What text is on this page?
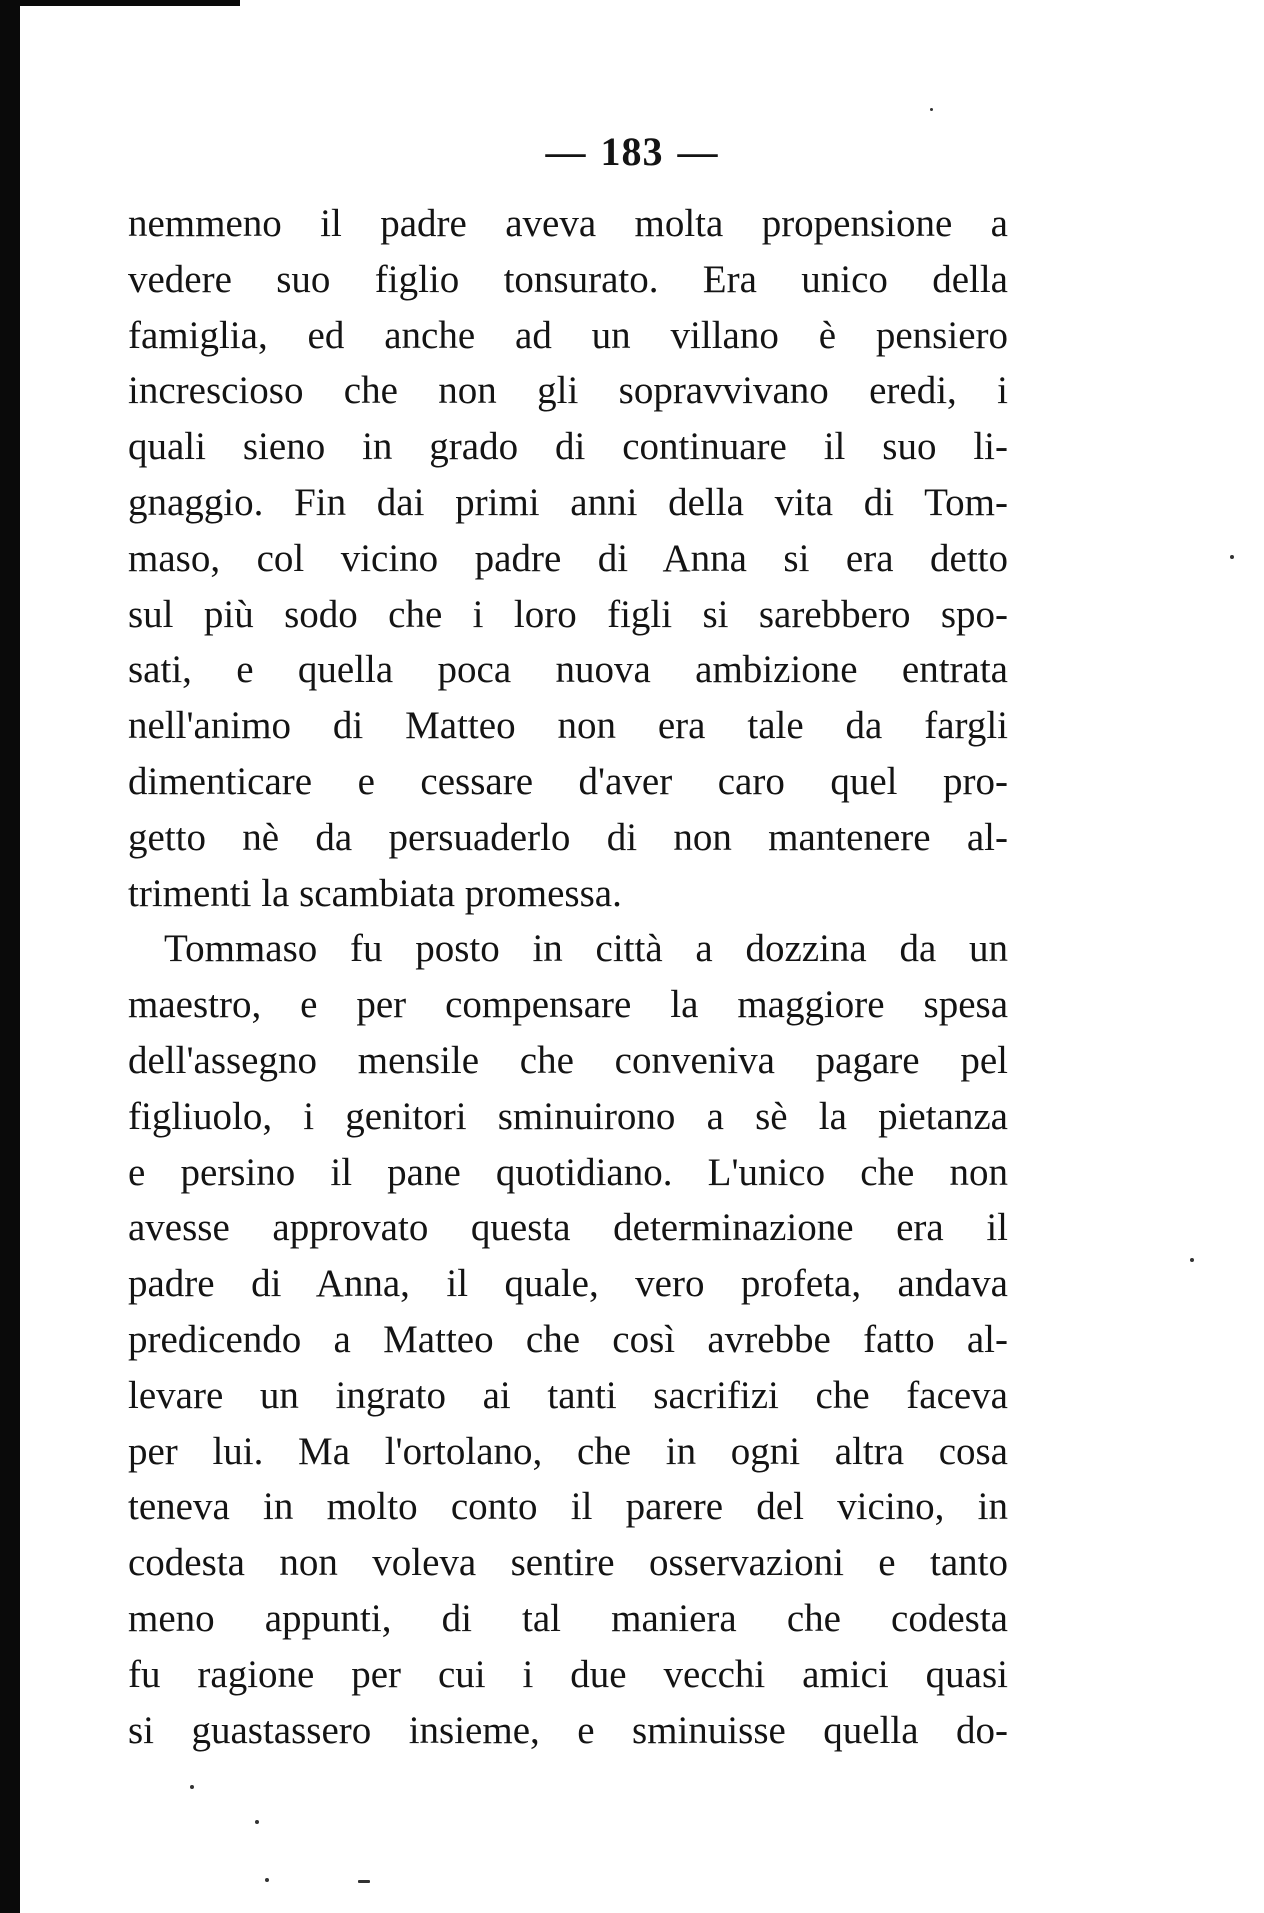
— 183 —
nemmeno il padre aveva molta propensione a
vedere suo figlio tonsurato. Era unico della
famiglia, ed anche ad un villano è pensiero
increscioso che non gli sopravvivano eredi, i
quali sieno in grado di continuare il suo li-
gnaggio. Fin dai primi anni della vita di Tom-
maso, col vicino padre di Anna si era detto
sul più sodo che i loro figli si sarebbero spo-
sati, e quella poca nuova ambizione entrata
nell'animo di Matteo non era tale da fargli
dimenticare e cessare d'aver caro quel pro-
getto nè da persuaderlo di non mantenere al-
trimenti la scambiata promessa.
Tommaso fu posto in città a dozzina da un
maestro, e per compensare la maggiore spesa
dell'assegno mensile che conveniva pagare pel
figliuolo, i genitori sminuirono a sè la pietanza
e persino il pane quotidiano. L'unico che non
avesse approvato questa determinazione era il
padre di Anna, il quale, vero profeta, andava
predicendo a Matteo che così avrebbe fatto al-
levare un ingrato ai tanti sacrifizi che faceva
per lui. Ma l'ortolano, che in ogni altra cosa
teneva in molto conto il parere del vicino, in
codesta non voleva sentire osservazioni e tanto
meno appunti, di tal maniera che codesta
fu ragione per cui i due vecchi amici quasi
si guastassero insieme, e sminuisse quella do-
